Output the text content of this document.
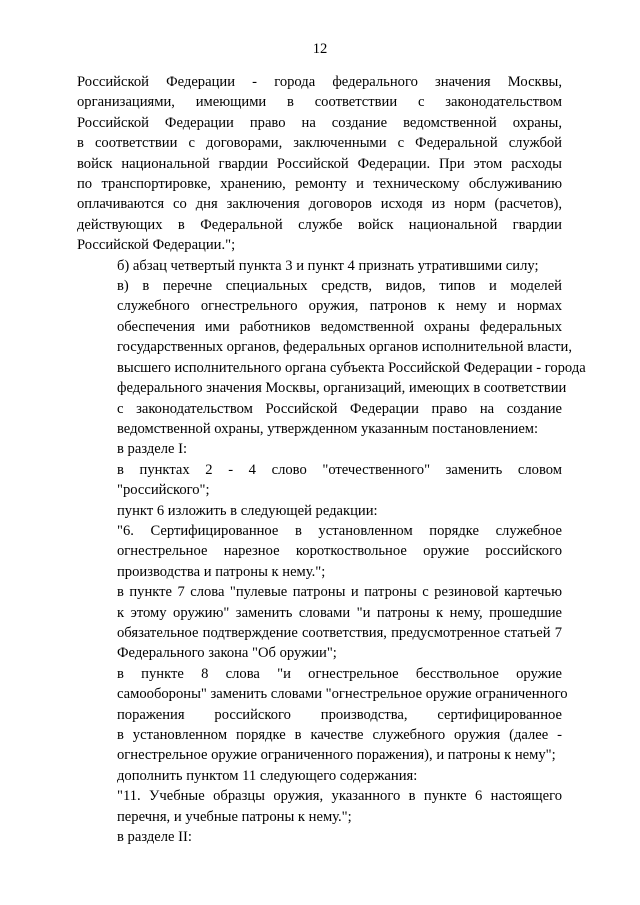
12

Российской Федерации - города федерального значения Москвы,
организациями, имеющими в соответствии с законодательством
Российской Федерации право на создание ведомственной охраны,
в соответствии с договорами, заключенными с Федеральной службой
войск национальной гвардии Российской Федерации. При этом расходы
по транспортировке, хранению, ремонту и техническому обслуживанию
оплачиваются со дня заключения договоров исходя из норм (расчетов),
действующих в Федеральной службе войск национальной гвардии
Российской Федерации.";

б) абзац четвертый пункта 3 и пункт 4 признать утратившими силу;

в) в перечне специальных средств, видов, типов и моделей
служебного огнестрельного оружия, патронов к нему и нормах
обеспечения ими работников ведомственной охраны федеральных
государственных органов, федеральных органов исполнительной власти,
высшего исполнительного органа субъекта Российской Федерации - города
федерального значения Москвы, организаций, имеющих в соответствии
с законодательством Российской Федерации право на создание
ведомственной охраны, утвержденном указанным постановлением:

в разделе I:

в пунктах 2 - 4 слово "отечественного" заменить словом
"российского";

пункт 6 изложить в следующей редакции:

"6. Сертифицированное в установленном порядке служебное
огнестрельное нарезное короткоствольное оружие российского
производства и патроны к нему.";

в пункте 7 слова "пулевые патроны и патроны с резиновой картечью
к этому оружию" заменить словами "и патроны к нему, прошедшие
обязательное подтверждение соответствия, предусмотренное статьей 7
Федерального закона "Об оружии";

в пункте 8 слова "и огнестрельное бесствольное оружие
самообороны" заменить словами "огнестрельное оружие ограниченного
поражения российского производства, сертифицированное
в установленном порядке в качестве служебного оружия (далее -
огнестрельное оружие ограниченного поражения), и патроны к нему";

дополнить пунктом 11 следующего содержания:

"11. Учебные образцы оружия, указанного в пункте 6 настоящего
перечня, и учебные патроны к нему.";

в разделе II:
